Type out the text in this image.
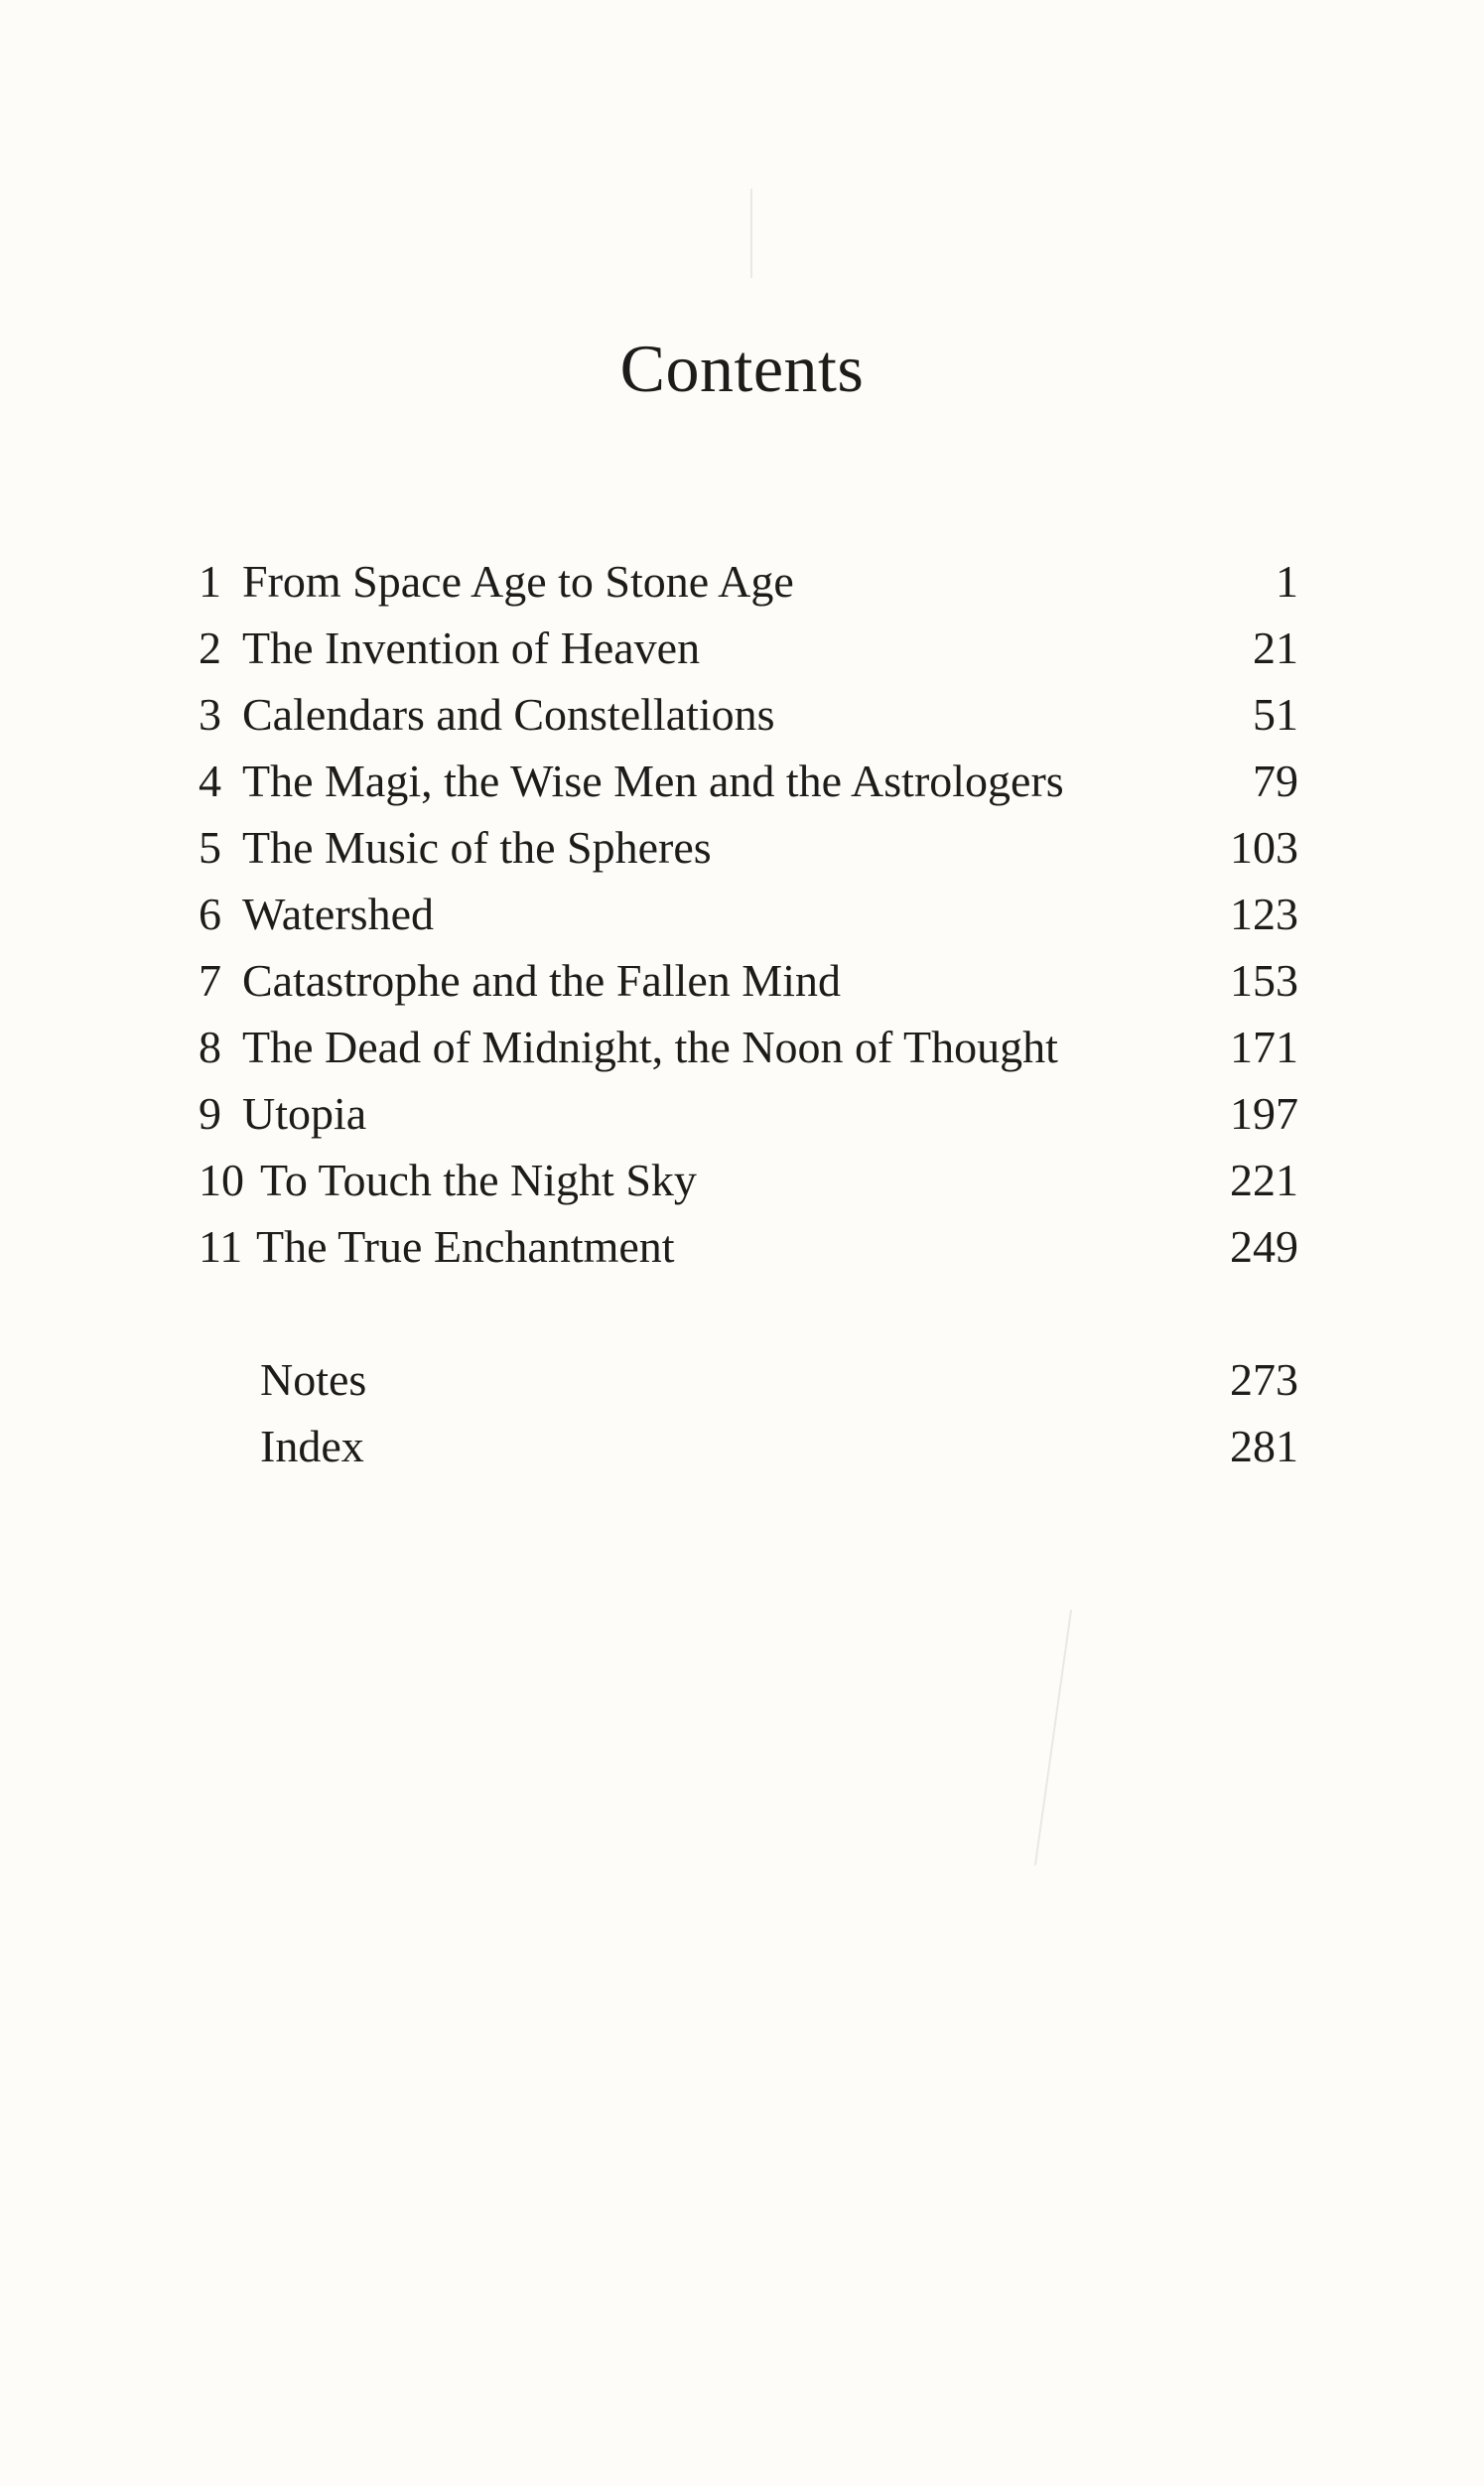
Contents
1 From Space Age to Stone Age	1
2 The Invention of Heaven	21
3 Calendars and Constellations	51
4 The Magi, the Wise Men and the Astrologers	79
5 The Music of the Spheres	103
6 Watershed	123
7 Catastrophe and the Fallen Mind	153
8 The Dead of Midnight, the Noon of Thought	171
9 Utopia	197
10 To Touch the Night Sky	221
11 The True Enchantment	249
Notes	273
Index	281
